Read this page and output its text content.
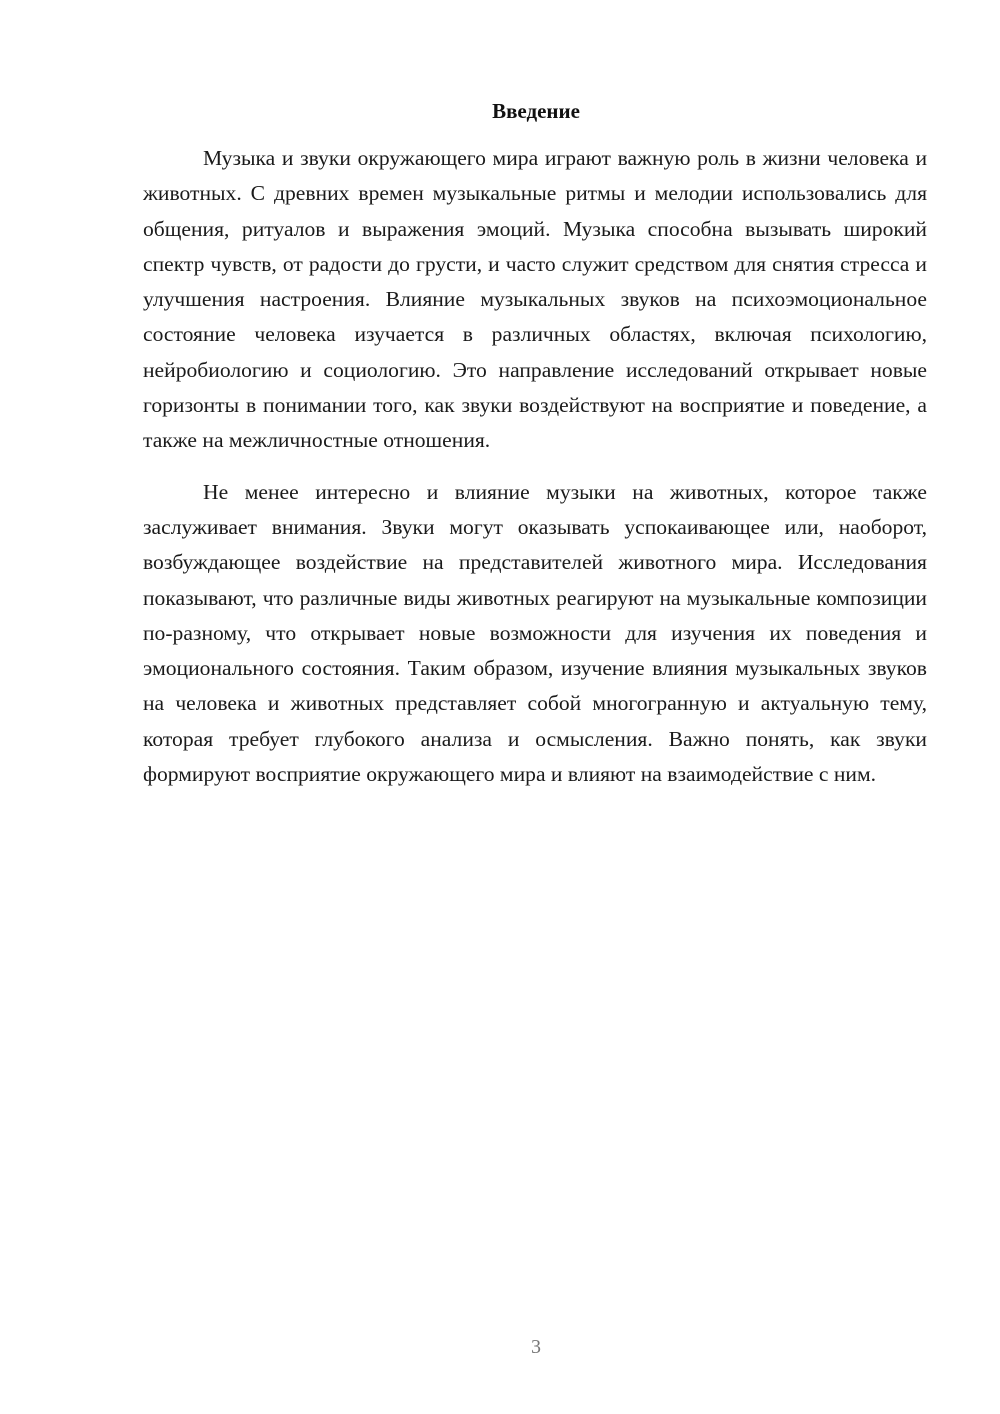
Введение

Музыка и звуки окружающего мира играют важную роль в жизни человека и животных. С древних времен музыкальные ритмы и мелодии использовались для общения, ритуалов и выражения эмоций. Музыка способна вызывать широкий спектр чувств, от радости до грусти, и часто служит средством для снятия стресса и улучшения настроения. Влияние музыкальных звуков на психоэмоциональное состояние человека изучается в различных областях, включая психологию, нейробиологию и социологию. Это направление исследований открывает новые горизонты в понимании того, как звуки воздействуют на восприятие и поведение, а также на межличностные отношения.

Не менее интересно и влияние музыки на животных, которое также заслуживает внимания. Звуки могут оказывать успокаивающее или, наоборот, возбуждающее воздействие на представителей животного мира. Исследования показывают, что различные виды животных реагируют на музыкальные композиции по-разному, что открывает новые возможности для изучения их поведения и эмоционального состояния. Таким образом, изучение влияния музыкальных звуков на человека и животных представляет собой многогранную и актуальную тему, которая требует глубокого анализа и осмысления. Важно понять, как звуки формируют восприятие окружающего мира и влияют на взаимодействие с ним.

3
